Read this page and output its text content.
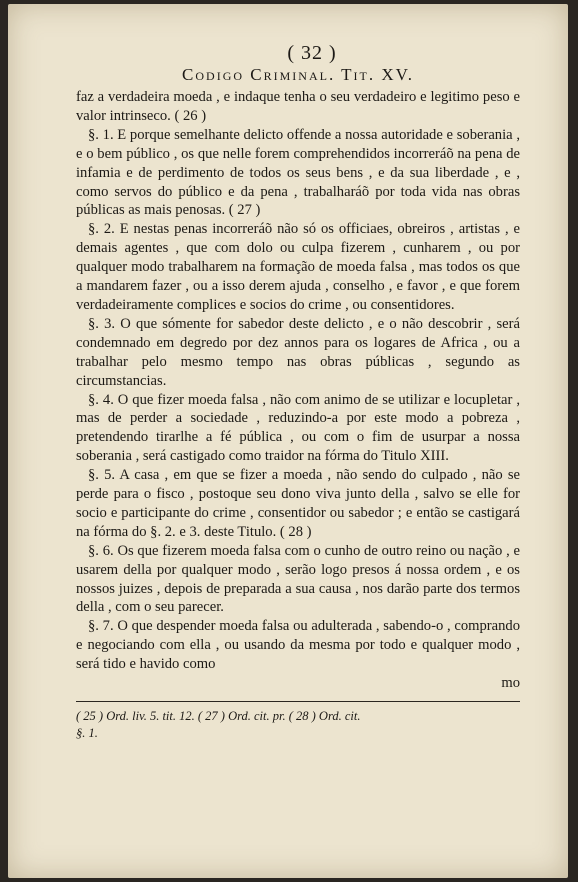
( 32 )
Codigo Criminal. Tit. XV.

faz a verdadeira moeda , e indaque tenha o seu verdadeiro e legitimo peso e valor intrinseco. ( 26 )

§. 1. E porque semelhante delicto offende a nossa autoridade e soberania , e o bem público , os que nelle forem comprehendidos incorreráõ na pena de infamia e de perdimento de todos os seus bens , e da sua liberdade , e , como servos do público e da pena , trabalharáõ por toda vida nas obras públicas as mais penosas. ( 27 )

§. 2. E nestas penas incorreráõ não só os officiaes, obreiros , artistas , e demais agentes , que com dolo ou culpa fizerem , cunharem , ou por qualquer modo trabalharem na formação de moeda falsa , mas todos os que a mandarem fazer , ou a isso derem ajuda , conselho , e favor , e que forem verdadeiramente complices e socios do crime , ou consentidores.

§. 3. O que sómente for sabedor deste delicto , e o não descobrir , será condemnado em degredo por dez annos para os logares de Africa , ou a trabalhar pelo mesmo tempo nas obras públicas , segundo as circumstancias.

§. 4. O que fizer moeda falsa , não com animo de se utilizar e locupletar , mas de perder a sociedade , reduzindo-a por este modo a pobreza , pretendendo tirarlhe a fé pública , ou com o fim de usurpar a nossa soberania , será castigado como traidor na fórma do Titulo XIII.

§. 5. A casa , em que se fizer a moeda , não sendo do culpado , não se perde para o fisco , postoque seu dono viva junto della , salvo se elle for socio e participante do crime , consentidor ou sabedor ; e então se castigará na fórma do §. 2. e 3. deste Titulo. ( 28 )

§. 6. Os que fizerem moeda falsa com o cunho de outro reino ou nação , e usarem della por qualquer modo , serão logo presos á nossa ordem , e os nossos juizes , depois de preparada a sua causa , nos darão parte dos termos della , com o seu parecer.

§. 7. O que despender moeda falsa ou adulterada , sabendo-o , comprando e negociando com ella , ou usando da mesma por todo e qualquer modo , será tido e havido como

mo
( 25 ) Ord. liv. 5. tit. 12. ( 27 ) Ord. cit. pr. ( 28 ) Ord. cit.
§. 1.
